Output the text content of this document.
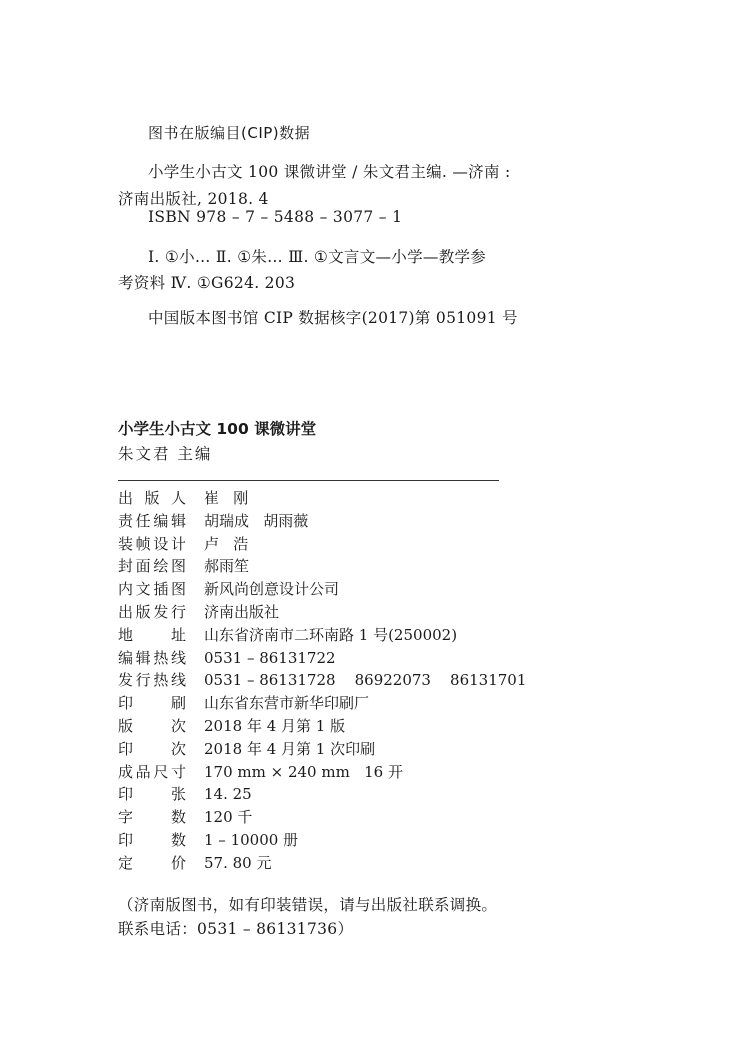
图书在版编目(CIP)数据
小学生小古文 100 课微讲堂 / 朱文君主编. —济南 :
济南出版社, 2018. 4
ISBN 978 – 7 – 5488 – 3077 – 1
Ⅰ. ①小… Ⅱ. ①朱… Ⅲ. ①文言文—小学—教学参
考资料 Ⅳ. ①G624. 203
中国版本图书馆 CIP 数据核字(2017)第 051091 号
小学生小古文 100 课微讲堂
朱文君 主编
出版人 崔   刚
责任编辑 胡瑞成   胡雨薇
装帧设计 卢   浩
封面绘图 郝雨笙
内文插图 新风尚创意设计公司
出版发行 济南出版社
地址 山东省济南市二环南路 1 号(250002)
编辑热线 0531 – 86131722
发行热线 0531 – 86131728    86922073    86131701
印刷 山东省东营市新华印刷厂
版次 2018 年 4 月第 1 版
印次 2018 年 4 月第 1 次印刷
成品尺寸 170 mm × 240 mm   16 开
印张 14. 25
字数 120 千
印数 1 – 10000 册
定价 57. 80 元
（济南版图书，如有印装错误，请与出版社联系调换。
联系电话：0531 – 86131736）
